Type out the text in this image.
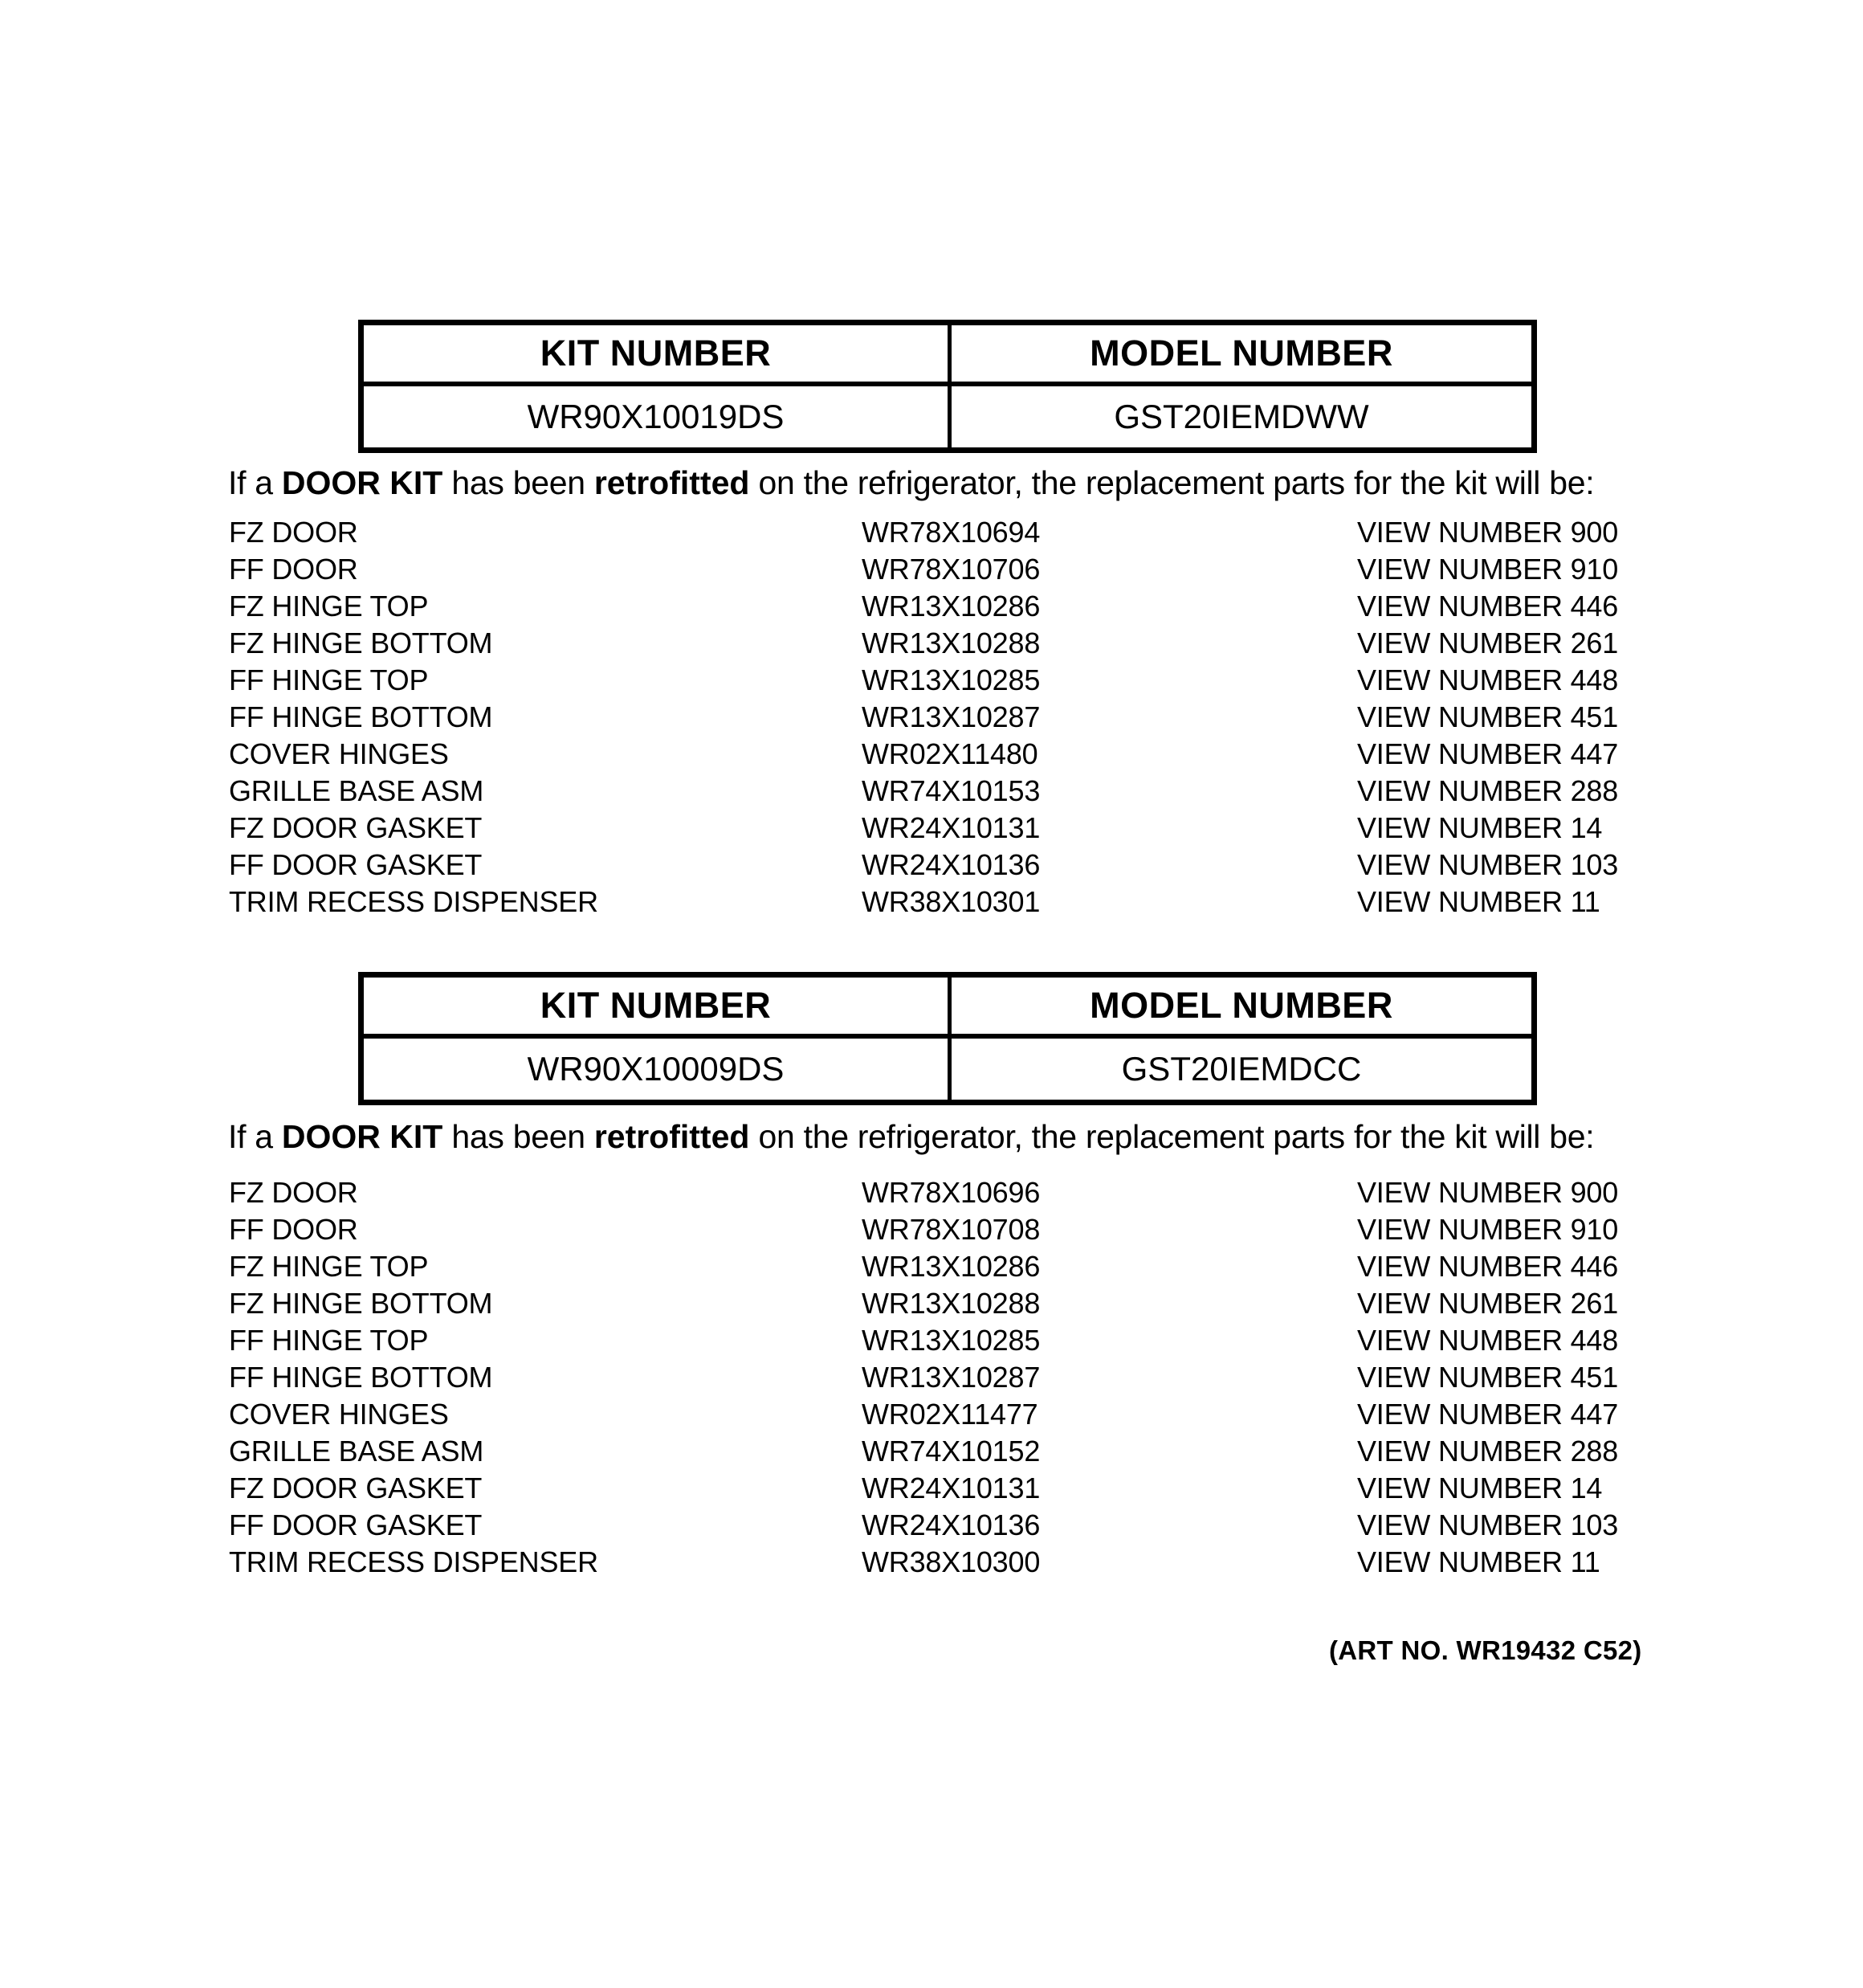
KIT NUMBER	MODEL NUMBER
WR90X10019DS	GST20IEMDWW
If a DOOR KIT has been retrofitted on the refrigerator, the replacement parts for the kit will be:
FZ DOOR	WR78X10694	VIEW NUMBER 900
FF DOOR	WR78X10706	VIEW NUMBER 910
FZ HINGE TOP	WR13X10286	VIEW NUMBER 446
FZ HINGE BOTTOM	WR13X10288	VIEW NUMBER 261
FF HINGE TOP	WR13X10285	VIEW NUMBER 448
FF HINGE BOTTOM	WR13X10287	VIEW NUMBER 451
COVER HINGES	WR02X11480	VIEW NUMBER 447
GRILLE BASE ASM	WR74X10153	VIEW NUMBER 288
FZ DOOR GASKET	WR24X10131	VIEW NUMBER 14
FF DOOR GASKET	WR24X10136	VIEW NUMBER 103
TRIM RECESS DISPENSER	WR38X10301	VIEW NUMBER 11
KIT NUMBER	MODEL NUMBER
WR90X10009DS	GST20IEMDCC
If a DOOR KIT has been retrofitted on the refrigerator, the replacement parts for the kit will be:
FZ DOOR	WR78X10696	VIEW NUMBER 900
FF DOOR	WR78X10708	VIEW NUMBER 910
FZ HINGE TOP	WR13X10286	VIEW NUMBER 446
FZ HINGE BOTTOM	WR13X10288	VIEW NUMBER 261
FF HINGE TOP	WR13X10285	VIEW NUMBER 448
FF HINGE BOTTOM	WR13X10287	VIEW NUMBER 451
COVER HINGES	WR02X11477	VIEW NUMBER 447
GRILLE BASE ASM	WR74X10152	VIEW NUMBER 288
FZ DOOR GASKET	WR24X10131	VIEW NUMBER 14
FF DOOR GASKET	WR24X10136	VIEW NUMBER 103
TRIM RECESS DISPENSER	WR38X10300	VIEW NUMBER 11
(ART NO. WR19432 C52)
